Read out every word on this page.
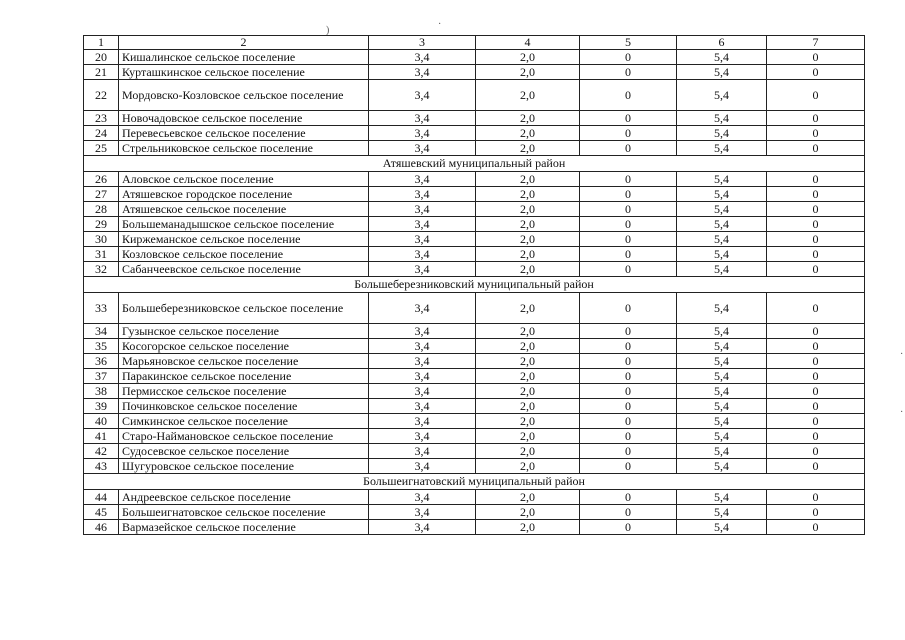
)
·
·
·
1	2	3	4	5	6	7
20	Кишалинское сельское поселение	3,4	2,0	0	5,4	0
21	Курташкинское сельское поселение	3,4	2,0	0	5,4	0
22	Мордовско-Козловское сельское поселение	3,4	2,0	0	5,4	0
23	Новочадовское сельское поселение	3,4	2,0	0	5,4	0
24	Перевесьевское сельское поселение	3,4	2,0	0	5,4	0
25	Стрельниковское сельское поселение	3,4	2,0	0	5,4	0
Атяшевский муниципальный район						
26	Аловское сельское поселение	3,4	2,0	0	5,4	0
27	Атяшевское городское поселение	3,4	2,0	0	5,4	0
28	Атяшевское сельское поселение	3,4	2,0	0	5,4	0
29	Большеманадышское сельское поселение	3,4	2,0	0	5,4	0
30	Киржеманское сельское поселение	3,4	2,0	0	5,4	0
31	Козловское сельское поселение	3,4	2,0	0	5,4	0
32	Сабанчеевское сельское поселение	3,4	2,0	0	5,4	0
Большеберезниковский муниципальный район						
33	Большеберезниковское сельское поселение	3,4	2,0	0	5,4	0
34	Гузынское сельское поселение	3,4	2,0	0	5,4	0
35	Косогорское сельское поселение	3,4	2,0	0	5,4	0
36	Марьяновское сельское поселение	3,4	2,0	0	5,4	0
37	Паракинское сельское поселение	3,4	2,0	0	5,4	0
38	Пермисское сельское поселение	3,4	2,0	0	5,4	0
39	Починковское сельское поселение	3,4	2,0	0	5,4	0
40	Симкинское сельское поселение	3,4	2,0	0	5,4	0
41	Старо-Наймановское сельское поселение	3,4	2,0	0	5,4	0
42	Судосевское сельское поселение	3,4	2,0	0	5,4	0
43	Шугуровское сельское поселение	3,4	2,0	0	5,4	0
Большеигнатовский муниципальный район						
44	Андреевское сельское поселение	3,4	2,0	0	5,4	0
45	Большеигнатовское сельское поселение	3,4	2,0	0	5,4	0
46	Вармазейское сельское поселение	3,4	2,0	0	5,4	0
